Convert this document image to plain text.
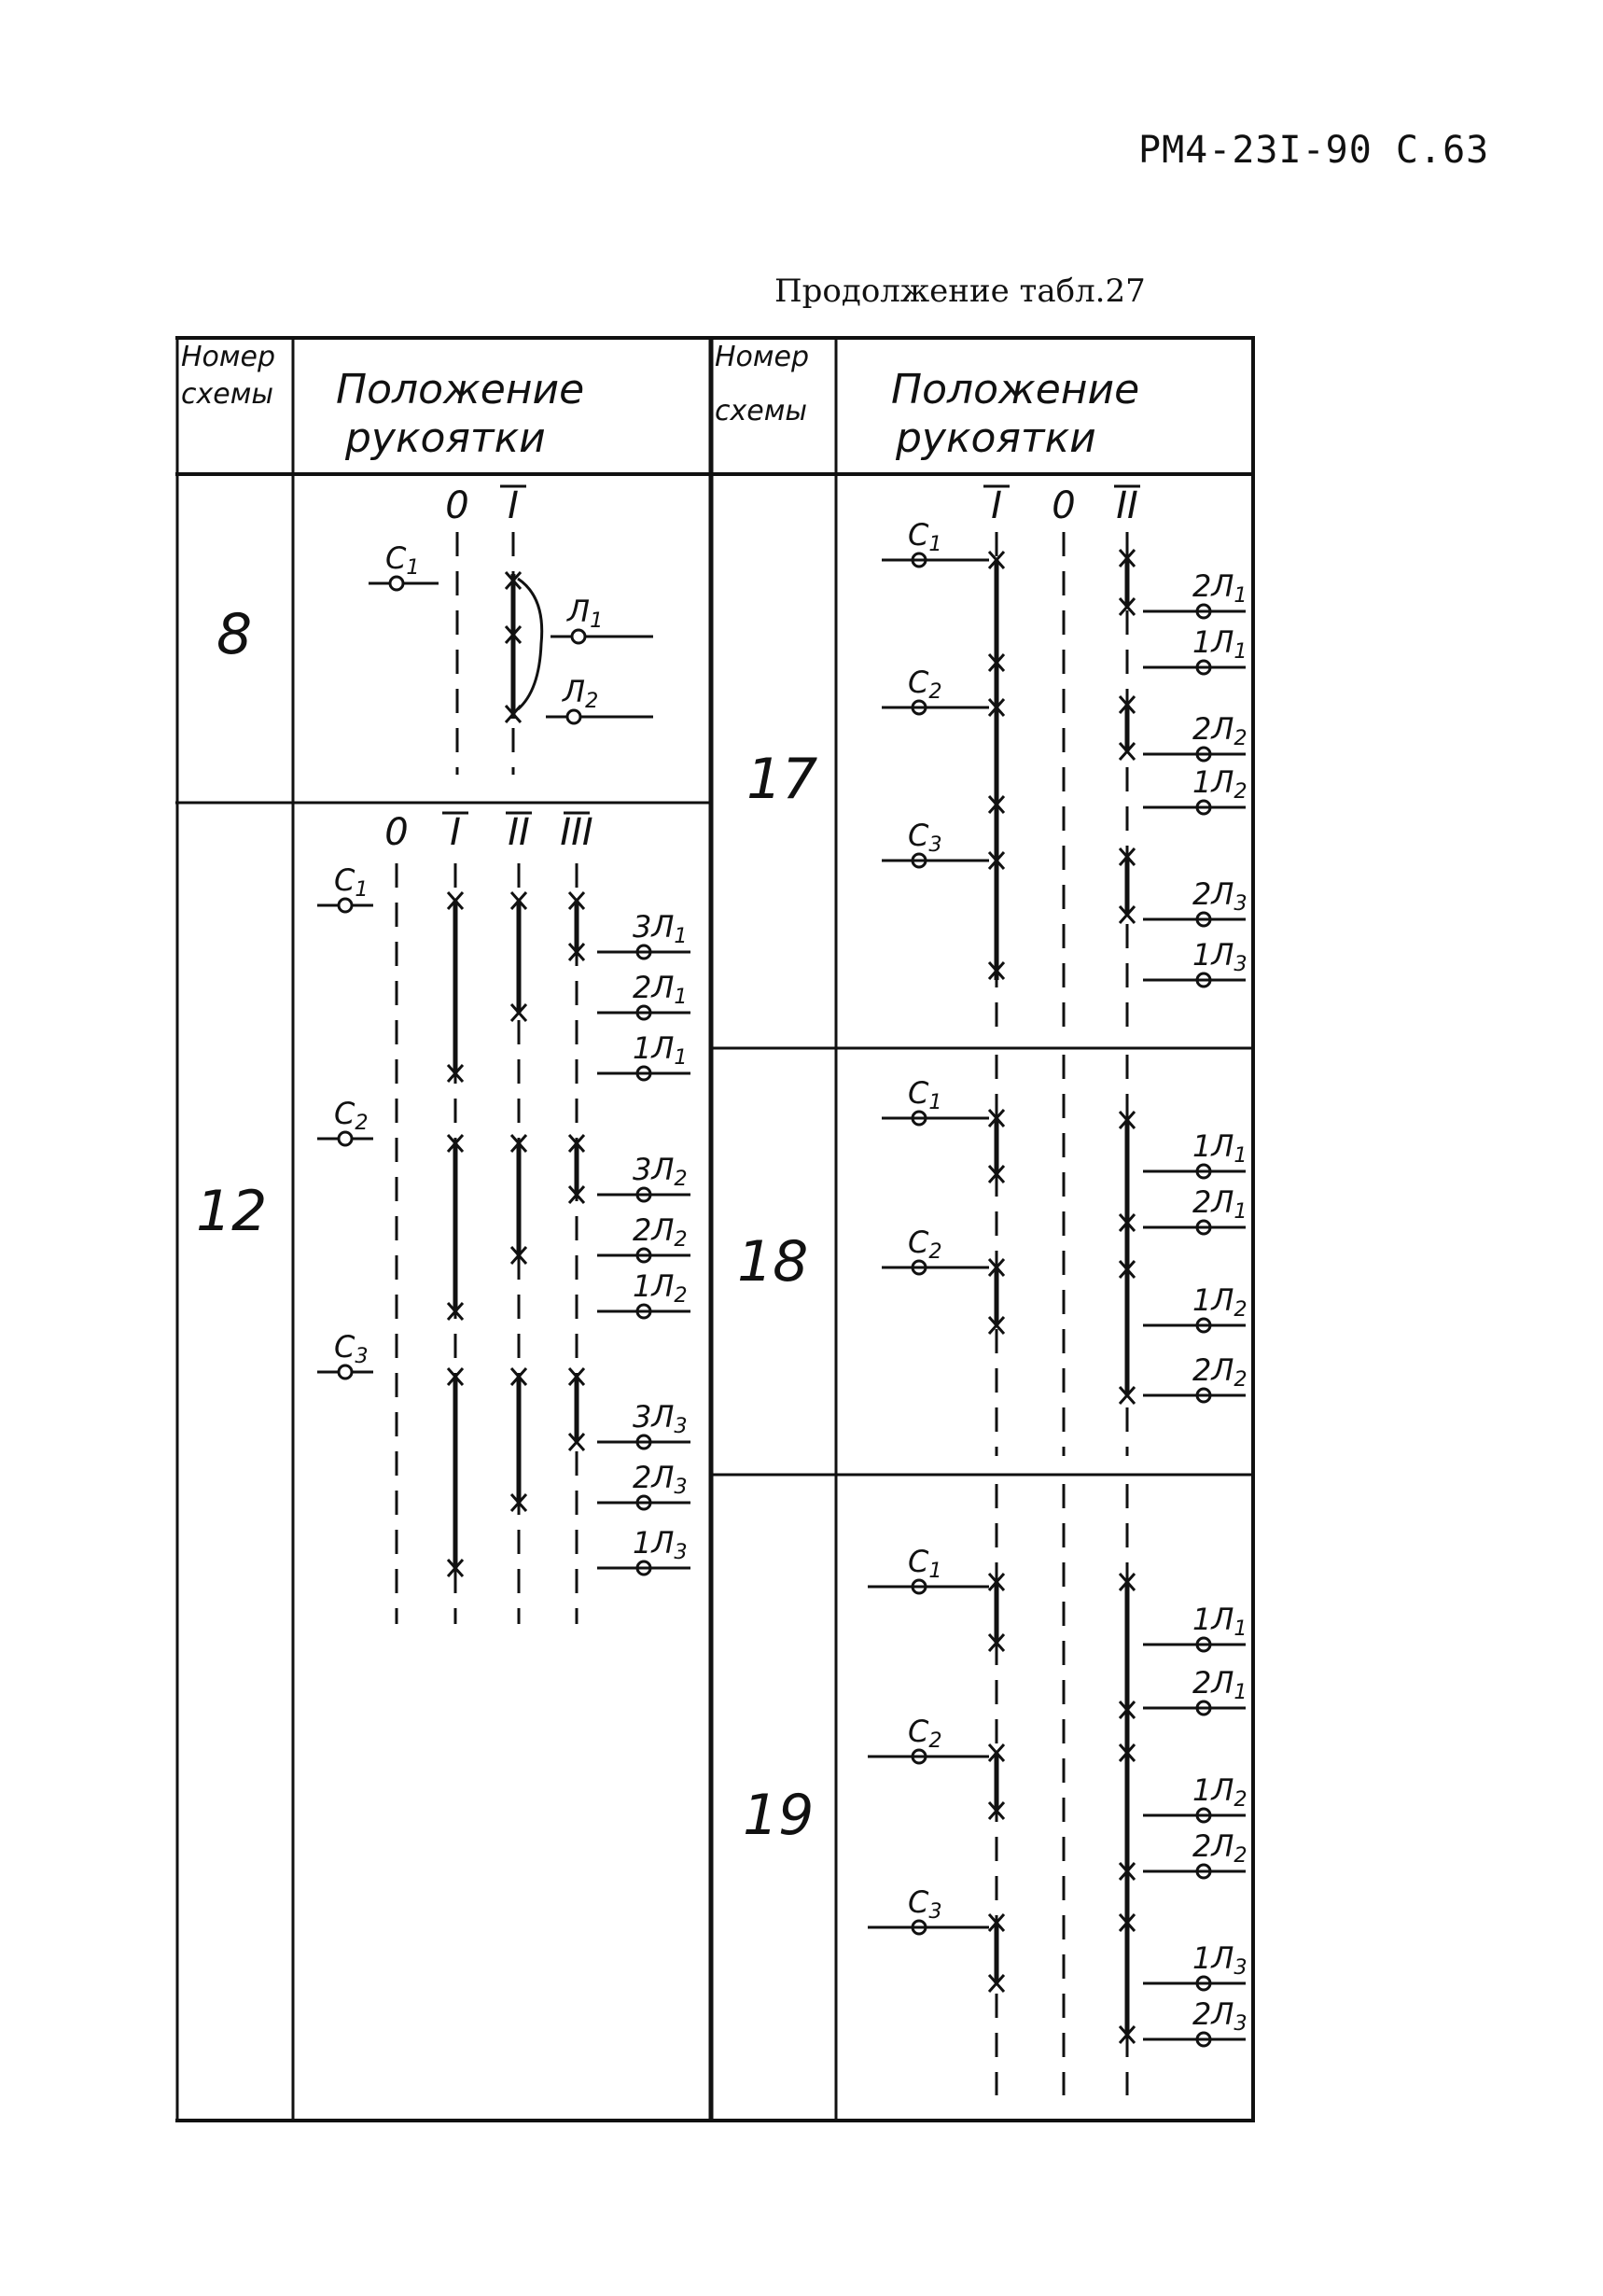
РМ4-23I-90 С.63
Продолжение табл.27
Номер
схемы
Номер
схемы
Положение
рукоятки
Положение
рукоятки
8
12
17
18
19
0 I
C1
Л1
Л2
0 I II III
C1
C2
C3
3Л1
2Л1
1Л1
3Л2
2Л2
1Л2
3Л3
2Л3
1Л3
I 0 II
C1
C2
C3
2Л1
1Л1
2Л2
1Л2
2Л3
1Л3
C1
C2
1Л1
2Л1
1Л2
2Л2
C1
C2
C3
1Л1
2Л1
1Л2
2Л2
1Л3
2Л3
